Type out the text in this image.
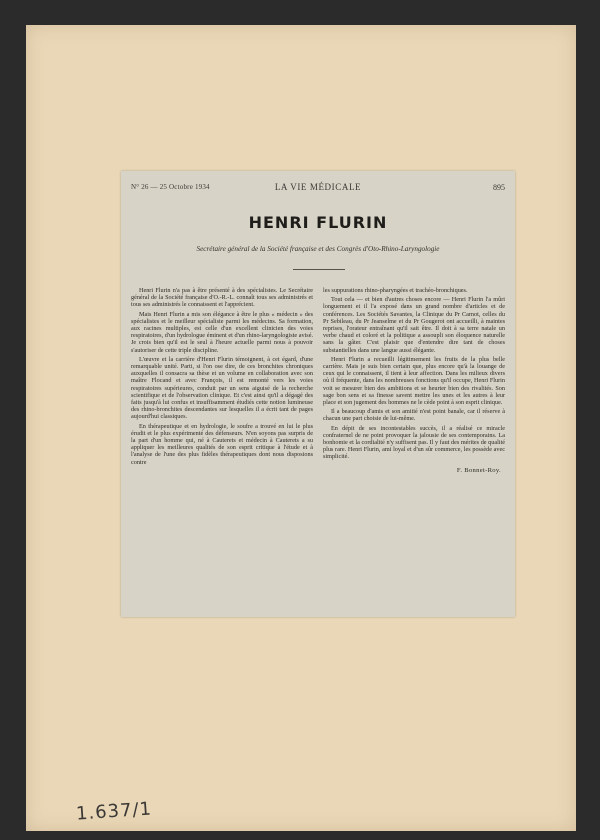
N° 26 — 25 Octobre 1934	LA VIE MÉDICALE	895
HENRI FLURIN
Secrétaire général de la Société française et des Congrès d'Oto-Rhino-Laryngologie

Henri Flurin n'a pas à être présenté à des spécialistes. Le Secrétaire général de la Société française d'O.-R.-L. connaît tous ses administrés et tous ses administrés le connaissent et l'apprécient.

Mais Henri Flurin a mis son élégance à être le plus « médecin » des spécialistes et le meilleur spécialiste parmi les médecins. Sa formation, aux racines multiples, est celle d'un excellent clinicien des voies respiratoires, d'un hydrologue éminent et d'un rhino-laryngologiste avisé. Je crois bien qu'il est le seul à l'heure actuelle parmi nous à pouvoir s'autoriser de cette triple discipline.

L'œuvre et la carrière d'Henri Flurin témoignent, à cet égard, d'une remarquable unité. Parti, si l'on ose dire, de ces bronchites chroniques auxquelles il consacra sa thèse et un volume en collaboration avec son maître Flocand et avec François, il est remonté vers les voies respiratoires supérieures, conduit par un sens aiguisé de la recherche scientifique et de l'observation clinique. Et c'est ainsi qu'il a dégagé des faits jusqu'à lui confus et insuffisamment étudiés cette notion lumineuse des rhino-bronchites descendantes sur lesquelles il a écrit tant de pages aujourd'hui classiques.

En thérapeutique et en hydrologie, le soufre a trouvé en lui le plus érudit et le plus expérimenté des défenseurs. N'en soyons pas surpris de la part d'un homme qui, né à Cauterets et médecin à Cauterets a su appliquer les meilleures qualités de son esprit critique à l'étude et à l'analyse de l'une des plus fidèles thérapeutiques dont nous disposions contre

les suppurations rhino-pharyngées et trachéo-bronchiques.

Tout cela — et bien d'autres choses encore — Henri Flurin l'a mûri longuement et il l'a exposé dans un grand nombre d'articles et de conférences. Les Sociétés Savantes, la Clinique du Pr Carnot, celles du Pr Sebileau, du Pr Jeanselme et du Pr Gougerot ont accueilli, à maintes reprises, l'orateur entraînant qu'il sait être. Il doit à sa terre natale un verbe chaud et coloré et la politique a assoupli son éloquence naturelle sans la gâter. C'est plaisir que d'entendre dire tant de choses substantielles dans une langue aussi élégante.

Henri Flurin a recueilli légitimement les fruits de la plus belle carrière. Mais je suis bien certain que, plus encore qu'à la louange de ceux qui le connaissent, il tient à leur affection. Dans les milieux divers où il fréquente, dans les nombreuses fonctions qu'il occupe, Henri Flurin voit se mesurer bien des ambitions et se heurter bien des rivalités. Son sage bon sens et sa finesse savent mettre les unes et les autres à leur place et son jugement des hommes ne le cède point à son esprit clinique.

Il a beaucoup d'amis et son amitié n'est point banale, car il réserve à chacun une part choisie de lui-même.

En dépit de ses incontestables succès, il a réalisé ce miracle confraternel de ne point provoquer la jalousie de ses contemporains. La bonhomie et la cordialité n'y suffisent pas. Il y faut des mérites de qualité plus rare. Henri Flurin, ami loyal et d'un sûr commerce, les possède avec simplicité.

F. Bonnet-Roy.
1.637/1
